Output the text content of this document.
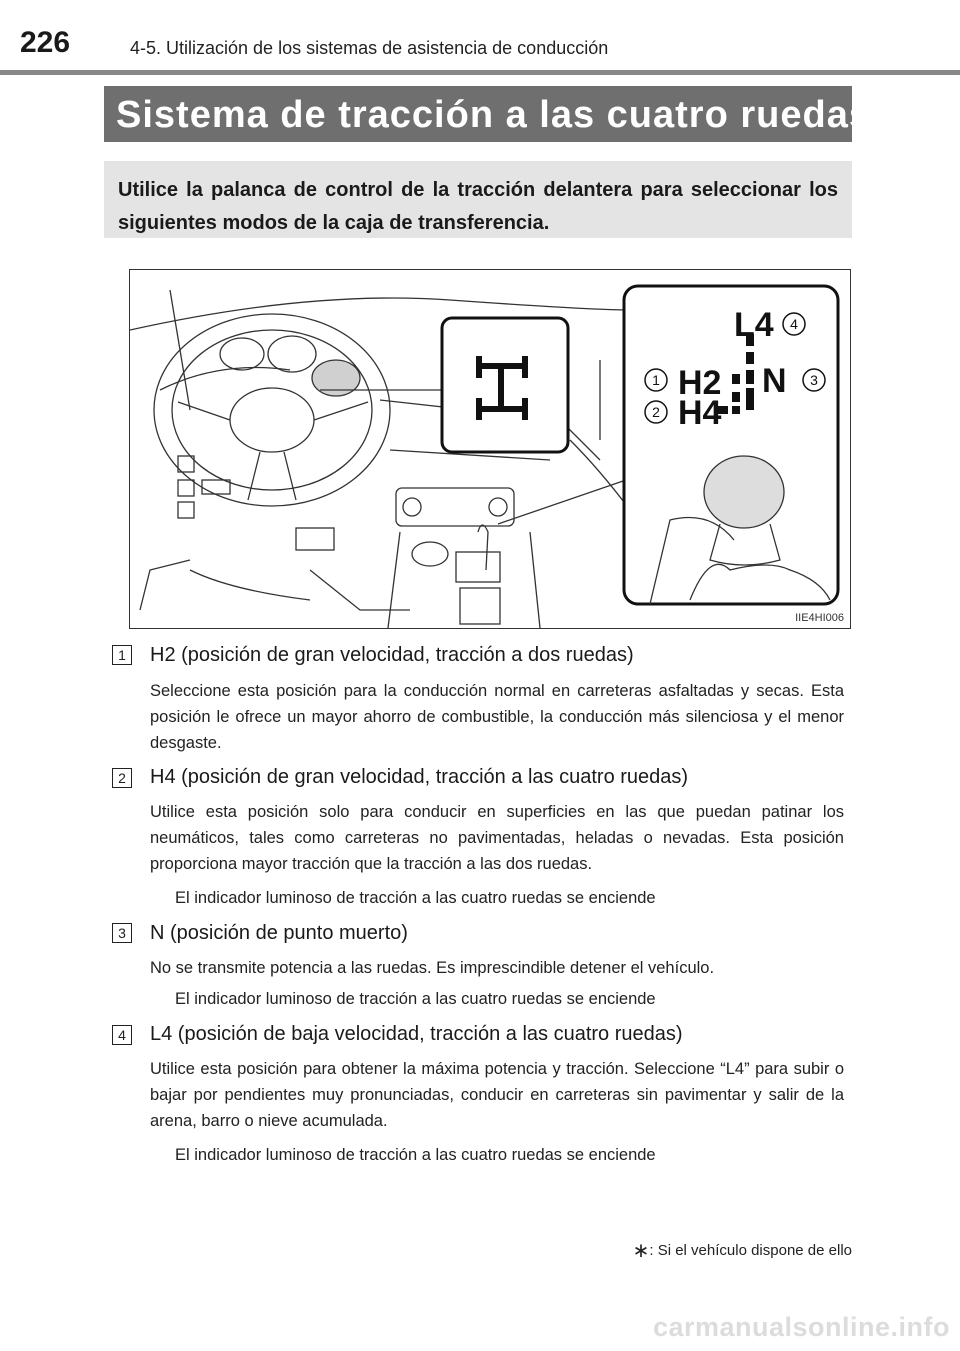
226	4-5. Utilización de los sistemas de asistencia de conducción
Sistema de tracción a las cuatro ruedas∗
Utilice la palanca de control de la tracción delantera para seleccionar los siguientes modos de la caja de transferencia.
L4
H2 N
H4
4
1
2
3
IIE4HI006
1	H2 (posición de gran velocidad, tracción a dos ruedas)
Seleccione esta posición para la conducción normal en carreteras asfaltadas y secas. Esta posición le ofrece un mayor ahorro de combustible, la conducción más silenciosa y el menor desgaste.
2	H4 (posición de gran velocidad, tracción a las cuatro ruedas)
Utilice esta posición solo para conducir en superficies en las que puedan patinar los neumáticos, tales como carreteras no pavimentadas, heladas o nevadas. Esta posición proporciona mayor tracción que la tracción a las dos ruedas.
El indicador luminoso de tracción a las cuatro ruedas se enciende
3	N (posición de punto muerto)
No se transmite potencia a las ruedas. Es imprescindible detener el vehículo.
El indicador luminoso de tracción a las cuatro ruedas se enciende
4	L4 (posición de baja velocidad, tracción a las cuatro ruedas)
Utilice esta posición para obtener la máxima potencia y tracción. Seleccione “L4” para subir o bajar por pendientes muy pronunciadas, conducir en carreteras sin pavimentar y salir de la arena, barro o nieve acumulada.
El indicador luminoso de tracción a las cuatro ruedas se enciende
∗: Si el vehículo dispone de ello
carmanualsonline.info
